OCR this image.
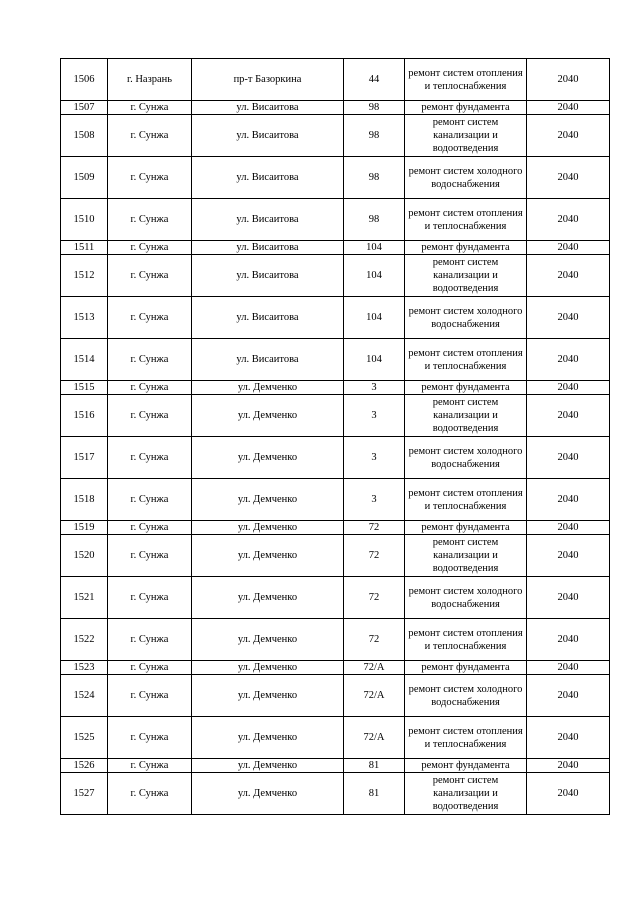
1506	г. Назрань	пр-т Базоркина	44	ремонт систем отопления и теплоснабжения	2040
1507	г. Сунжа	ул. Висаитова	98	ремонт фундамента	2040
1508	г. Сунжа	ул. Висаитова	98	ремонт систем канализации и водоотведения	2040
1509	г. Сунжа	ул. Висаитова	98	ремонт систем холодного водоснабжения	2040
1510	г. Сунжа	ул. Висаитова	98	ремонт систем отопления и теплоснабжения	2040
1511	г. Сунжа	ул. Висаитова	104	ремонт фундамента	2040
1512	г. Сунжа	ул. Висаитова	104	ремонт систем канализации и водоотведения	2040
1513	г. Сунжа	ул. Висаитова	104	ремонт систем холодного водоснабжения	2040
1514	г. Сунжа	ул. Висаитова	104	ремонт систем отопления и теплоснабжения	2040
1515	г. Сунжа	ул. Демченко	3	ремонт фундамента	2040
1516	г. Сунжа	ул. Демченко	3	ремонт систем канализации и водоотведения	2040
1517	г. Сунжа	ул. Демченко	3	ремонт систем холодного водоснабжения	2040
1518	г. Сунжа	ул. Демченко	3	ремонт систем отопления и теплоснабжения	2040
1519	г. Сунжа	ул. Демченко	72	ремонт фундамента	2040
1520	г. Сунжа	ул. Демченко	72	ремонт систем канализации и водоотведения	2040
1521	г. Сунжа	ул. Демченко	72	ремонт систем холодного водоснабжения	2040
1522	г. Сунжа	ул. Демченко	72	ремонт систем отопления и теплоснабжения	2040
1523	г. Сунжа	ул. Демченко	72/А	ремонт фундамента	2040
1524	г. Сунжа	ул. Демченко	72/А	ремонт систем холодного водоснабжения	2040
1525	г. Сунжа	ул. Демченко	72/А	ремонт систем отопления и теплоснабжения	2040
1526	г. Сунжа	ул. Демченко	81	ремонт фундамента	2040
1527	г. Сунжа	ул. Демченко	81	ремонт систем канализации и водоотведения	2040
